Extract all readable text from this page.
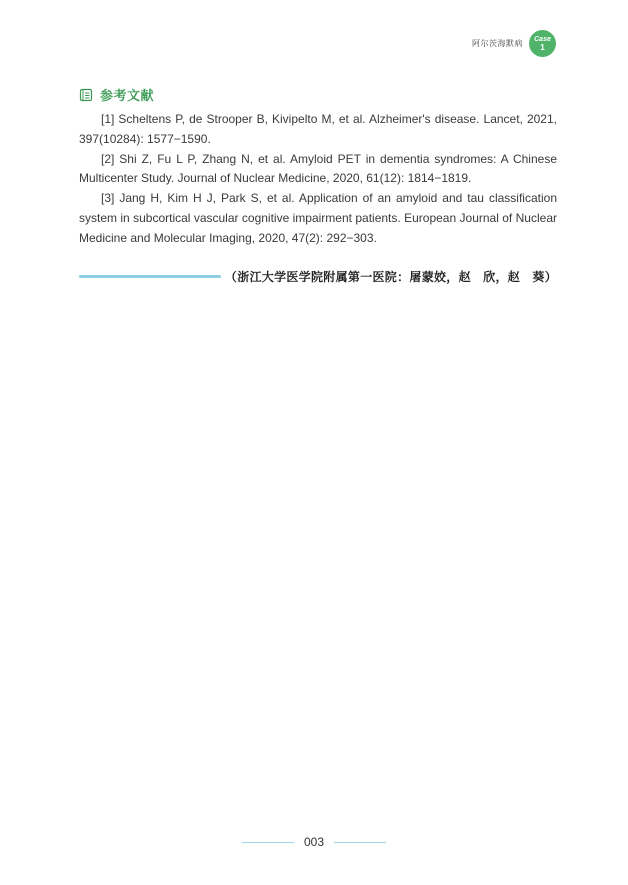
阿尔茨海默病 Case
1
参考文献
[1] Scheltens P, de Strooper B, Kivipelto M, et al. Alzheimer's disease. Lancet, 2021, 397(10284): 1577−1590.
[2] Shi Z, Fu L P, Zhang N, et al. Amyloid PET in dementia syndromes: A Chinese Multicenter Study. Journal of Nuclear Medicine, 2020, 61(12): 1814−1819.
[3] Jang H, Kim H J, Park S, et al. Application of an amyloid and tau classification system in subcortical vascular cognitive impairment patients. European Journal of Nuclear Medicine and Molecular Imaging, 2020, 47(2): 292−303.
（浙江大学医学院附属第一医院：屠蒙姣，赵　欣，赵　葵）
003
